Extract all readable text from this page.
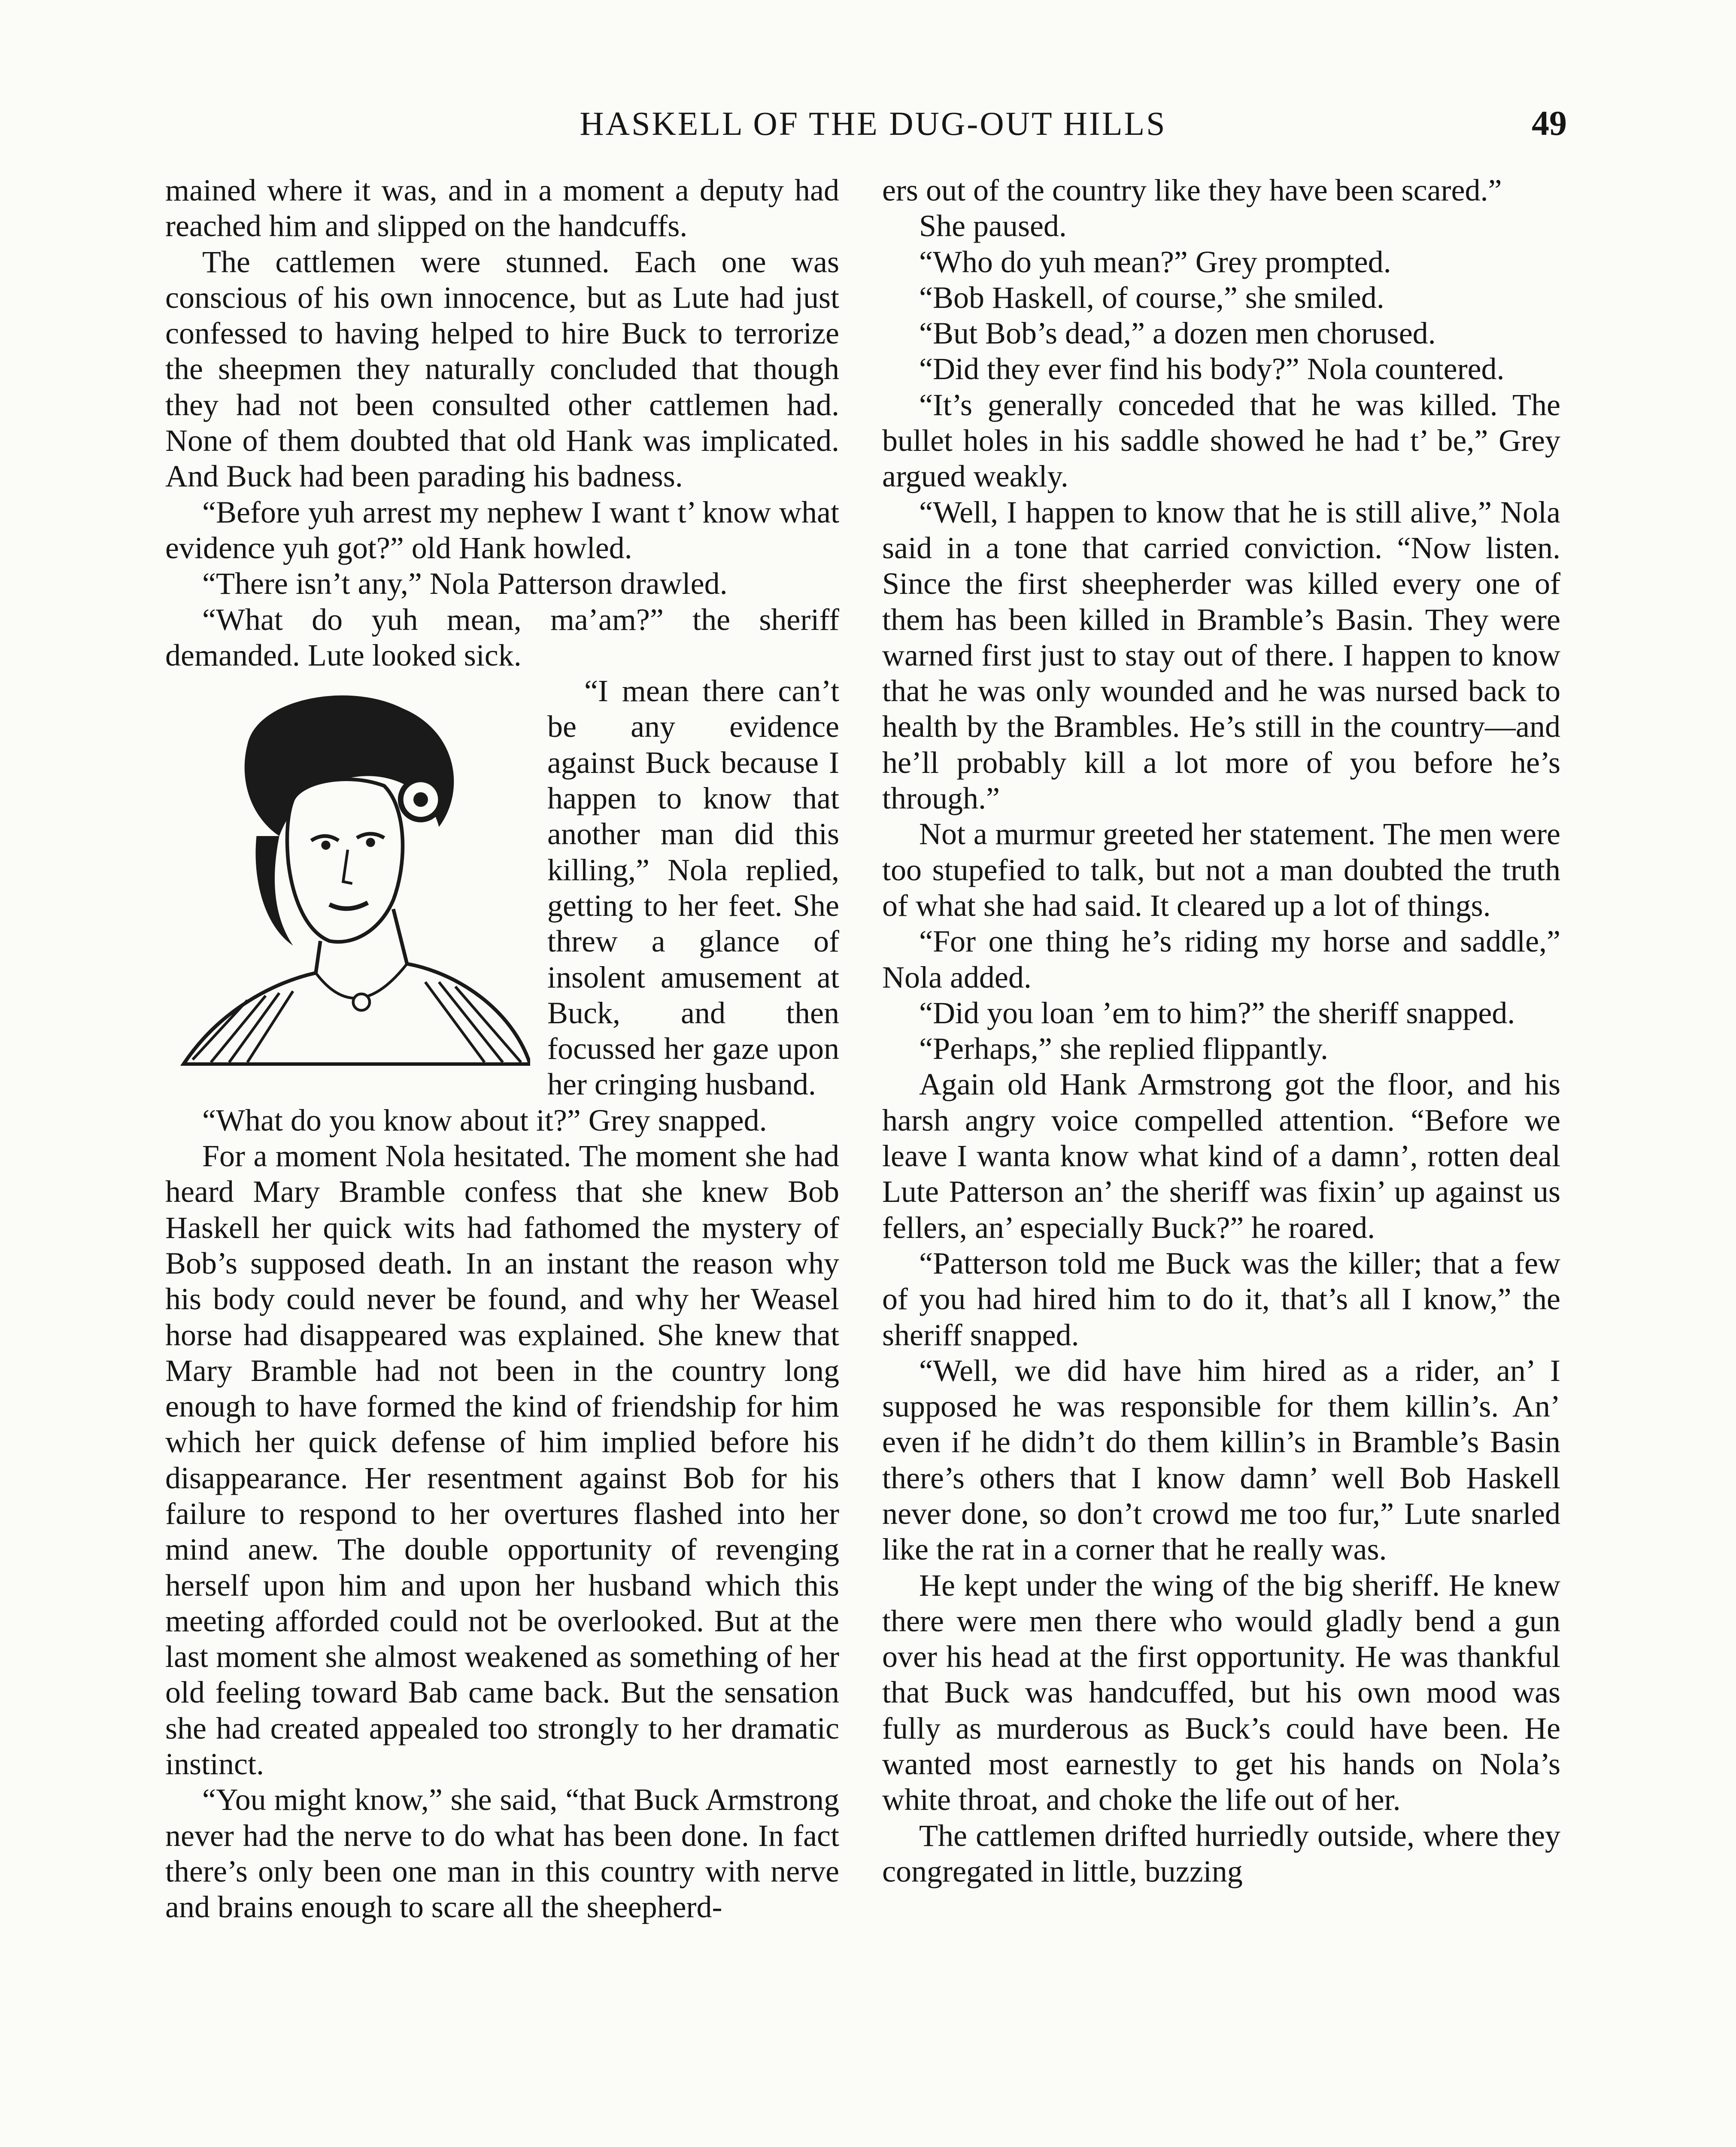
HASKELL OF THE DUG-OUT HILLS	49

mained where it was, and in a moment a deputy had reached him and slipped on the handcuffs.

The cattlemen were stunned. Each one was conscious of his own innocence, but as Lute had just confessed to having helped to hire Buck to terrorize the sheepmen they naturally concluded that though they had not been consulted other cattlemen had. None of them doubted that old Hank was implicated. And Buck had been parading his badness.

“Before yuh arrest my nephew I want t’ know what evidence yuh got?” old Hank howled.

“There isn’t any,” Nola Patterson drawled.

“What do yuh mean, ma’am?” the sheriff demanded. Lute looked sick.

“I mean there can’t be any evidence against Buck because I happen to know that another man did this killing,” Nola replied, getting to her feet. She threw a glance of insolent amusement at Buck, and then focussed her gaze upon her cringing husband.

“What do you know about it?” Grey snapped.

For a moment Nola hesitated. The moment she had heard Mary Bramble confess that she knew Bob Haskell her quick wits had fathomed the mystery of Bob’s supposed death. In an instant the reason why his body could never be found, and why her Weasel horse had disappeared was explained. She knew that Mary Bramble had not been in the country long enough to have formed the kind of friendship for him which her quick defense of him implied before his disappearance. Her resentment against Bob for his failure to respond to her overtures flashed into her mind anew. The double opportunity of revenging herself upon him and upon her husband which this meeting afforded could not be overlooked. But at the last moment she almost weakened as something of her old feeling toward Bab came back. But the sensation she had created appealed too strongly to her dramatic instinct.

“You might know,” she said, “that Buck Armstrong never had the nerve to do what has been done. In fact there’s only been one man in this country with nerve and brains enough to scare all the sheepherd-

ers out of the country like they have been scared.”

She paused.

“Who do yuh mean?” Grey prompted.

“Bob Haskell, of course,” she smiled.

“But Bob’s dead,” a dozen men chorused.

“Did they ever find his body?” Nola countered.

“It’s generally conceded that he was killed. The bullet holes in his saddle showed he had t’ be,” Grey argued weakly.

“Well, I happen to know that he is still alive,” Nola said in a tone that carried conviction. “Now listen. Since the first sheepherder was killed every one of them has been killed in Bramble’s Basin. They were warned first just to stay out of there. I happen to know that he was only wounded and he was nursed back to health by the Brambles. He’s still in the country—and he’ll probably kill a lot more of you before he’s through.”

Not a murmur greeted her statement. The men were too stupefied to talk, but not a man doubted the truth of what she had said. It cleared up a lot of things.

“For one thing he’s riding my horse and saddle,” Nola added.

“Did you loan ’em to him?” the sheriff snapped.

“Perhaps,” she replied flippantly.

Again old Hank Armstrong got the floor, and his harsh angry voice compelled attention. “Before we leave I wanta know what kind of a damn’, rotten deal Lute Patterson an’ the sheriff was fixin’ up against us fellers, an’ especially Buck?” he roared.

“Patterson told me Buck was the killer; that a few of you had hired him to do it, that’s all I know,” the sheriff snapped.

“Well, we did have him hired as a rider, an’ I supposed he was responsible for them killin’s. An’ even if he didn’t do them killin’s in Bramble’s Basin there’s others that I know damn’ well Bob Haskell never done, so don’t crowd me too fur,” Lute snarled like the rat in a corner that he really was.

He kept under the wing of the big sheriff. He knew there were men there who would gladly bend a gun over his head at the first opportunity. He was thankful that Buck was handcuffed, but his own mood was fully as murderous as Buck’s could have been. He wanted most earnestly to get his hands on Nola’s white throat, and choke the life out of her.

The cattlemen drifted hurriedly outside, where they congregated in little, buzzing
